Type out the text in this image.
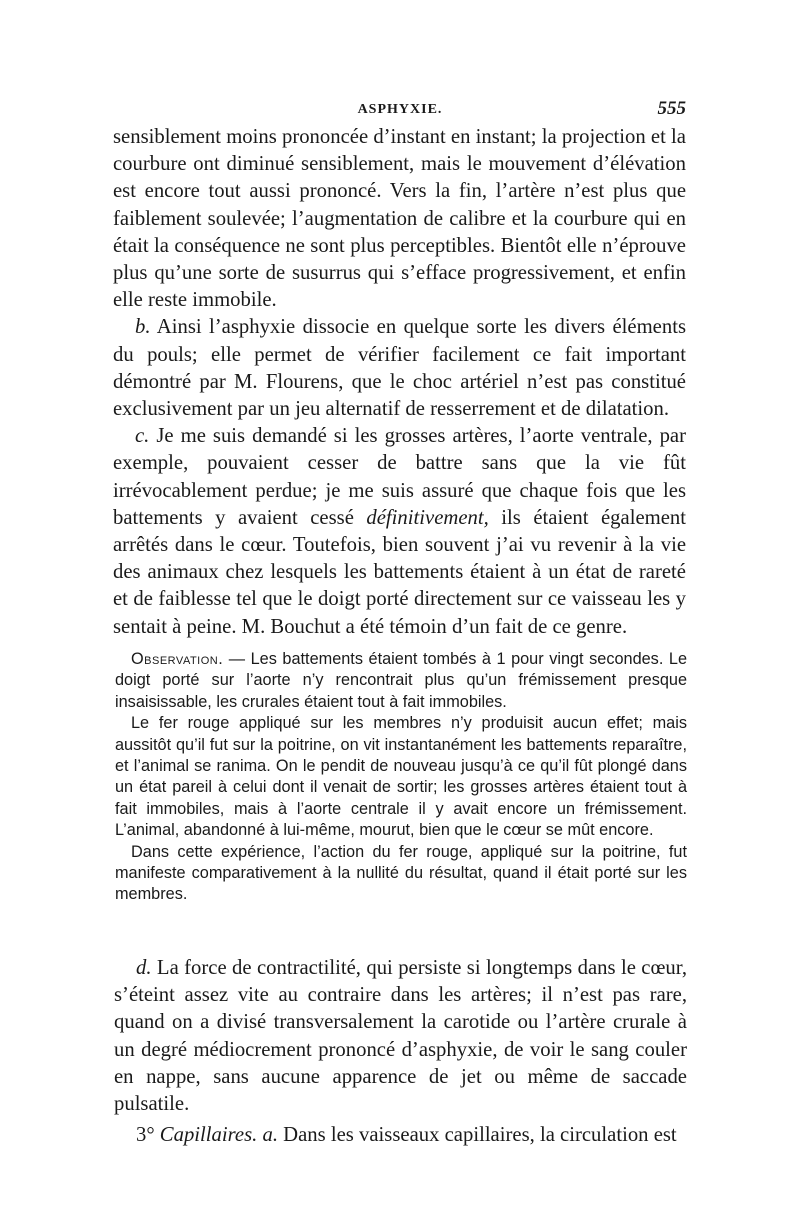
ASPHYXIE.	555

sensiblement moins prononcée d’instant en instant; la projection et la courbure ont diminué sensiblement, mais le mouvement d’élévation est encore tout aussi prononcé. Vers la fin, l’artère n’est plus que faiblement soulevée; l’augmentation de calibre et la courbure qui en était la conséquence ne sont plus perceptibles. Bientôt elle n’éprouve plus qu’une sorte de susurrus qui s’efface progressivement, et enfin elle reste immobile.

b. Ainsi l’asphyxie dissocie en quelque sorte les divers éléments du pouls; elle permet de vérifier facilement ce fait important démontré par M. Flourens, que le choc artériel n’est pas constitué exclusivement par un jeu alternatif de resserrement et de dilatation.

c. Je me suis demandé si les grosses artères, l’aorte ventrale, par exemple, pouvaient cesser de battre sans que la vie fût irrévocablement perdue; je me suis assuré que chaque fois que les battements y avaient cessé définitivement, ils étaient également arrêtés dans le cœur. Toutefois, bien souvent j’ai vu revenir à la vie des animaux chez lesquels les battements étaient à un état de rareté et de faiblesse tel que le doigt porté directement sur ce vaisseau les y sentait à peine. M. Bouchut a été témoin d’un fait de ce genre.

Observation. — Les battements étaient tombés à 1 pour vingt secondes. Le doigt porté sur l’aorte n’y rencontrait plus qu’un frémissement presque insaisissable, les crurales étaient tout à fait immobiles.

Le fer rouge appliqué sur les membres n’y produisit aucun effet; mais aussitôt qu’il fut sur la poitrine, on vit instantanément les battements reparaître, et l’animal se ranima. On le pendit de nouveau jusqu’à ce qu’il fût plongé dans un état pareil à celui dont il venait de sortir; les grosses artères étaient tout à fait immobiles, mais à l’aorte centrale il y avait encore un frémissement. L’animal, abandonné à lui-même, mourut, bien que le cœur se mût encore.

Dans cette expérience, l’action du fer rouge, appliqué sur la poitrine, fut manifeste comparativement à la nullité du résultat, quand il était porté sur les membres.

d. La force de contractilité, qui persiste si longtemps dans le cœur, s’éteint assez vite au contraire dans les artères; il n’est pas rare, quand on a divisé transversalement la carotide ou l’artère crurale à un degré médiocrement prononcé d’asphyxie, de voir le sang couler en nappe, sans aucune apparence de jet ou même de saccade pulsatile.

3° Capillaires. a. Dans les vaisseaux capillaires, la circulation est
